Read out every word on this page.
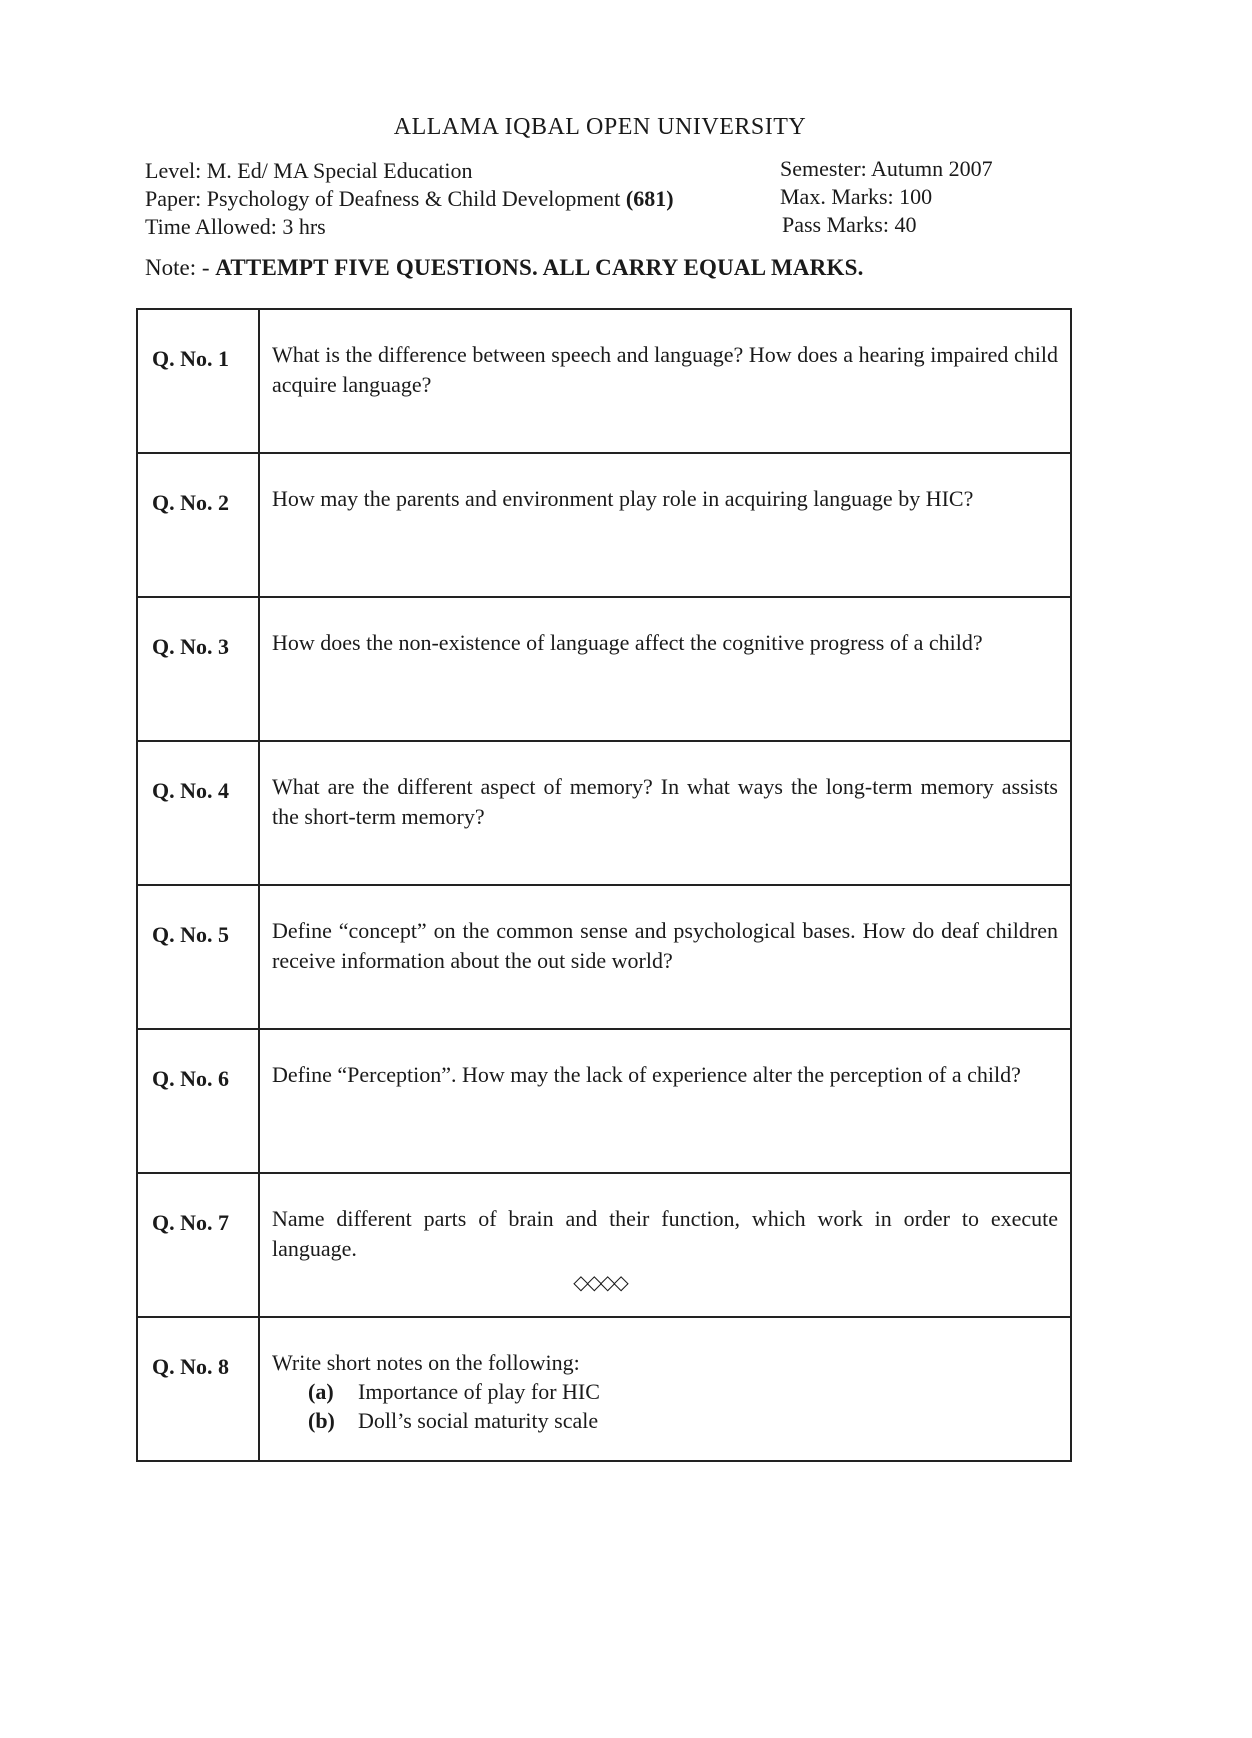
ALLAMA IQBAL OPEN UNIVERSITY
Level: M. Ed/ MA Special Education
Paper: Psychology of Deafness & Child Development (681)
Time Allowed: 3 hrs
Semester: Autumn 2007
Max. Marks: 100
Pass Marks: 40
Note: - ATTEMPT FIVE QUESTIONS. ALL CARRY EQUAL MARKS.
Q. No. 1	What is the difference between speech and language? How does a hearing impaired child acquire language?
Q. No. 2	How may the parents and environment play role in acquiring language by HIC?
Q. No. 3	How does the non-existence of language affect the cognitive progress of a child?
Q. No. 4	What are the different aspect of memory? In what ways the long-term memory assists the short-term memory?
Q. No. 5	Define “concept” on the common sense and psychological bases. How do deaf children receive information about the out side world?
Q. No. 6	Define “Perception”. How may the lack of experience alter the perception of a child?
Q. No. 7	Name different parts of brain and their function, which work in order to execute language.
Q. No. 8	Write short notes on the following:
(a) Importance of play for HIC
(b) Doll’s social maturity scale
◇◇◇◇
